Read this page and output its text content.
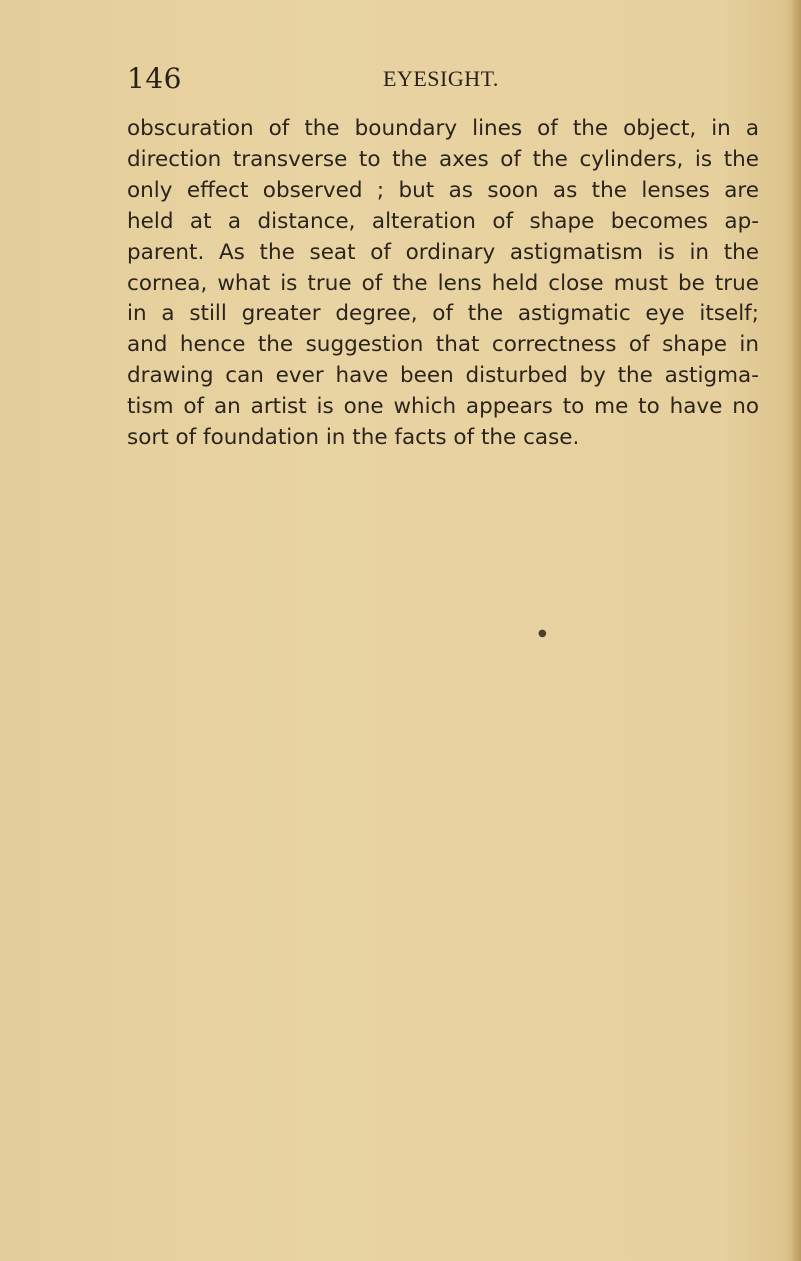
146	EYESIGHT.
obscuration of the boundary lines of the object, in a
direction transverse to the axes of the cylinders, is the
only effect observed ; but as soon as the lenses are
held at a distance, alteration of shape becomes ap-
parent. As the seat of ordinary astigmatism is in the
cornea, what is true of the lens held close must be true
in a still greater degree, of the astigmatic eye itself;
and hence the suggestion that correctness of shape in
drawing can ever have been disturbed by the astigma-
tism of an artist is one which appears to me to have no
sort of foundation in the facts of the case.
●
